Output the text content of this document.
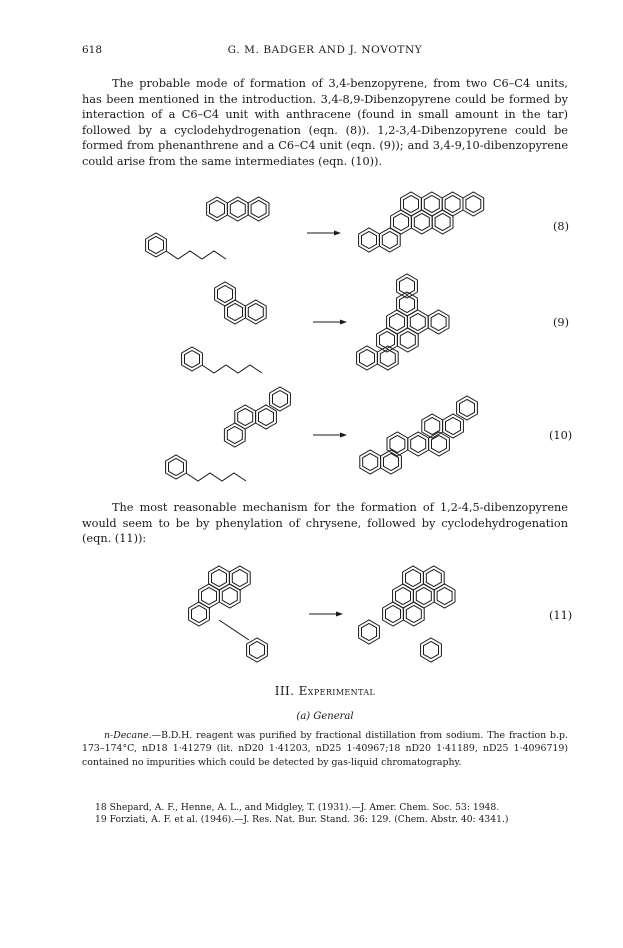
618	G. M. BADGER AND J. NOVOTNY
The probable mode of formation of 3,4-benzopyrene, from two C6–C4 units, has been mentioned in the introduction. 3,4-8,9-Dibenzopyrene could be formed by interaction of a C6–C4 unit with anthracene (found in small amount in the tar) followed by a cyclodehydrogenation (eqn. (8)). 1,2-3,4-Dibenzopyrene could be formed from phenanthrene and a C6–C4 unit (eqn. (9)); and 3,4-9,10-dibenzopyrene could arise from the same intermediates (eqn. (10)).
(8)
(9)
(10)
(11)
The most reasonable mechanism for the formation of 1,2-4,5-dibenzopyrene would seem to be by phenylation of chrysene, followed by cyclodehydrogenation (eqn. (11)):
III. Experimental
(a) General
n-Decane.—B.D.H. reagent was purified by fractional distillation from sodium. The fraction b.p. 173–174°C, nD18 1·41279 (lit. nD20 1·41203, nD25 1·40967;18 nD20 1·41189, nD25 1·4096719) contained no impurities which could be detected by gas-liquid chromatography.
18 Shepard, A. F., Henne, A. L., and Midgley, T. (1931).—J. Amer. Chem. Soc. 53: 1948.
19 Forziati, A. F. et al. (1946).—J. Res. Nat. Bur. Stand. 36: 129. (Chem. Abstr. 40: 4341.)
